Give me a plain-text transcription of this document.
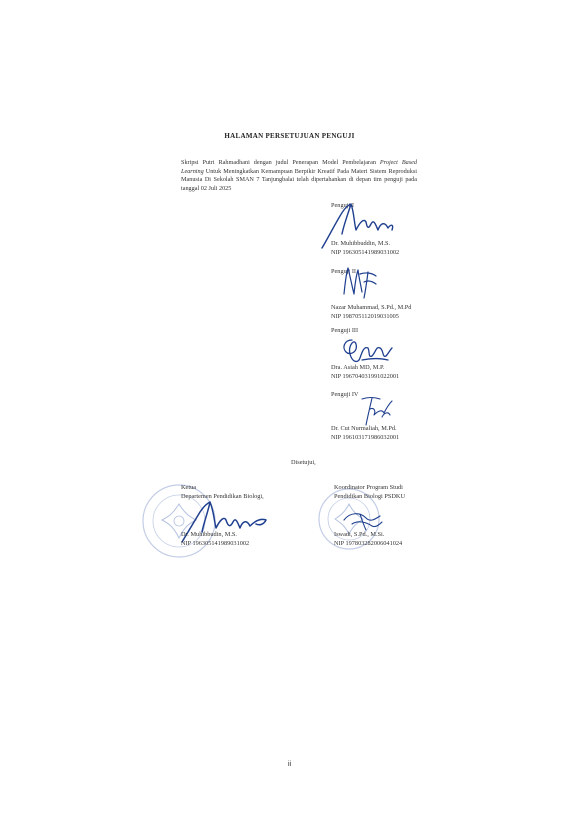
HALAMAN PERSETUJUAN PENGUJI
Skripsi Putri Rahmadhani dengan judul Penerapan Model Pembelajaran Project Based Learning Untuk Meningkatkan Kemampuan Berpikir Kreatif Pada Materi Sistem Reproduksi Manusia Di Sekolah SMAN 7 Tanjungbalai telah dipertahankan di depan tim penguji pada tanggal 02 Juli 2025
Penguji I
Dr. Muhibbuddin, M.S.
NIP 196305141989031002
Penguji II
Nazar Muhammad, S.Pd., M.Pd
NIP 198705112019031005
Penguji III
Dra. Asiah MD, M.P.
NIP 196704031991022001
Penguji IV
Dr. Cut Nurmaliah, M.Pd.
NIP 196103171986032001
Disetujui,
Ketua
Departemen Pendidikan Biologi,
Dr. Muhibbudin, M.S.
NIP 196305141989031002
Koordinator Program Studi
Pendidikan Biologi PSDKU
Iswadi, S.Pd., M.Si.
NIP 197803282006041024
ii
